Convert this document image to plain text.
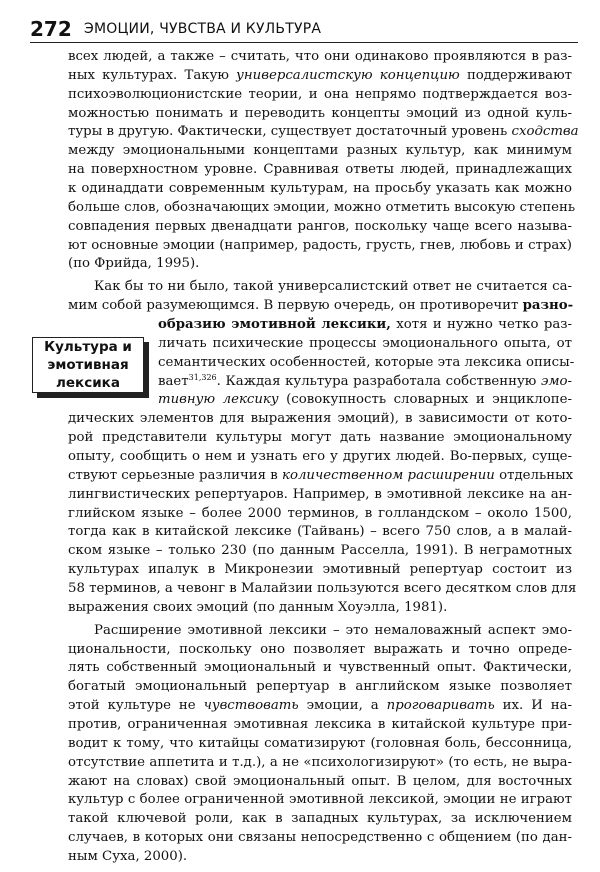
272 ЭМОЦИИ, ЧУВСТВА И КУЛЬТУРА
Культура и
эмотивная
лексика
всех людей, а также – считать, что они одинаково проявляются в раз-
ных культурах. Такую универсалистскую концепцию поддерживают
психоэволюционистские теории, и она непрямо подтверждается воз-
можностью понимать и переводить концепты эмоций из одной куль-
туры в другую. Фактически, существует достаточный уровень сходства
между эмоциональными концептами разных культур, как минимум
на поверхностном уровне. Сравнивая ответы людей, принадлежащих
к одинаддати современным культурам, на просьбу указать как можно
больше слов, обозначающих эмоции, можно отметить высокую степень
совпадения первых двенадцати рангов, поскольку чаще всего называ-
ют основные эмоции (например, радость, грусть, гнев, любовь и страх)
(по Фрийда, 1995).
Как бы то ни было, такой универсалистский ответ не считается са-
мим собой разумеющимся. В первую очередь, он противоречит разно-
образию эмотивной лексики, хотя и нужно четко раз-
личать психические процессы эмоционального опыта, от
семантических особенностей, которые эта лексика описы-
вает$^{31,326}$. Каждая культура разработала собственную эмо-
тивную лексику (совокупность словарных и энциклопе-
дических элементов для выражения эмоций), в зависимости от кото-
рой представители культуры могут дать название эмоциональному
опыту, сообщить о нем и узнать его у других людей. Во-первых, суще-
ствуют серьезные различия в количественном расширении отдельных
лингвистических репертуаров. Например, в эмотивной лексике на ан-
глийском языке – более 2000 терминов, в голландском – около 1500,
тогда как в китайской лексике (Тайвань) – всего 750 слов, а в малай-
ском языке – только 230 (по данным Расселла, 1991). В неграмотных
культурах ипалук в Микронезии эмотивный репертуар состоит из
58 терминов, а чевонг в Малайзии пользуются всего десятком слов для
выражения своих эмоций (по данным Хоуэлла, 1981).
Расширение эмотивной лексики – это немаловажный аспект эмо-
циональности, поскольку оно позволяет выражать и точно опреде-
лять собственный эмоциональный и чувственный опыт. Фактически,
богатый эмоциональный репертуар в английском языке позволяет
этой культуре не чувствовать эмоции, а проговаривать их. И на-
против, ограниченная эмотивная лексика в китайской культуре при-
водит к тому, что китайцы соматизируют (головная боль, бессонница,
отсутствие аппетита и т.д.), а не «психологизируют» (то есть, не выра-
жают на словах) свой эмоциональный опыт. В целом, для восточных
культур с более ограниченной эмотивной лексикой, эмоции не играют
такой ключевой роли, как в западных культурах, за исключением
случаев, в которых они связаны непосредственно с общением (по дан-
ным Суха, 2000).
